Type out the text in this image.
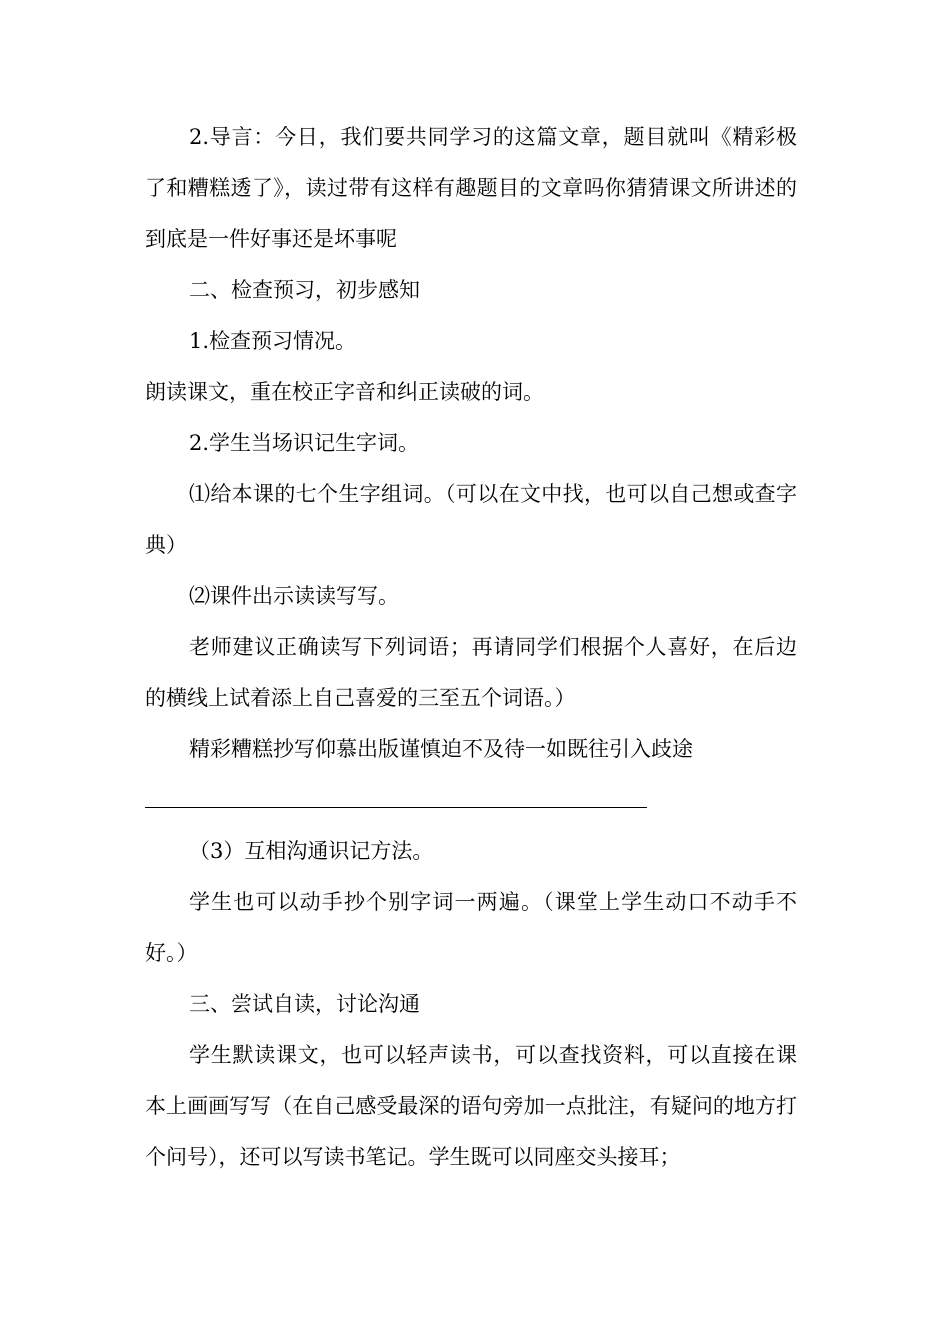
2.导言：今日，我们要共同学习的这篇文章，题目就叫《精彩极了和糟糕透了》，读过带有这样有趣题目的文章吗你猜猜课文所讲述的到底是一件好事还是坏事呢

二、检查预习，初步感知

1.检查预习情况。

朗读课文，重在校正字音和纠正读破的词。

2.学生当场识记生字词。

⑴给本课的七个生字组词。（可以在文中找，也可以自己想或查字典）

⑵课件出示读读写写。

老师建议正确读写下列词语；再请同学们根据个人喜好，在后边的横线上试着添上自己喜爱的三至五个词语。）

精彩糟糕抄写仰慕出版谨慎迫不及待一如既往引入歧途

（3）互相沟通识记方法。

学生也可以动手抄个别字词一两遍。（课堂上学生动口不动手不好。）

三、尝试自读，讨论沟通

学生默读课文，也可以轻声读书，可以查找资料，可以直接在课本上画画写写（在自己感受最深的语句旁加一点批注，有疑问的地方打个问号），还可以写读书笔记。学生既可以同座交头接耳；
